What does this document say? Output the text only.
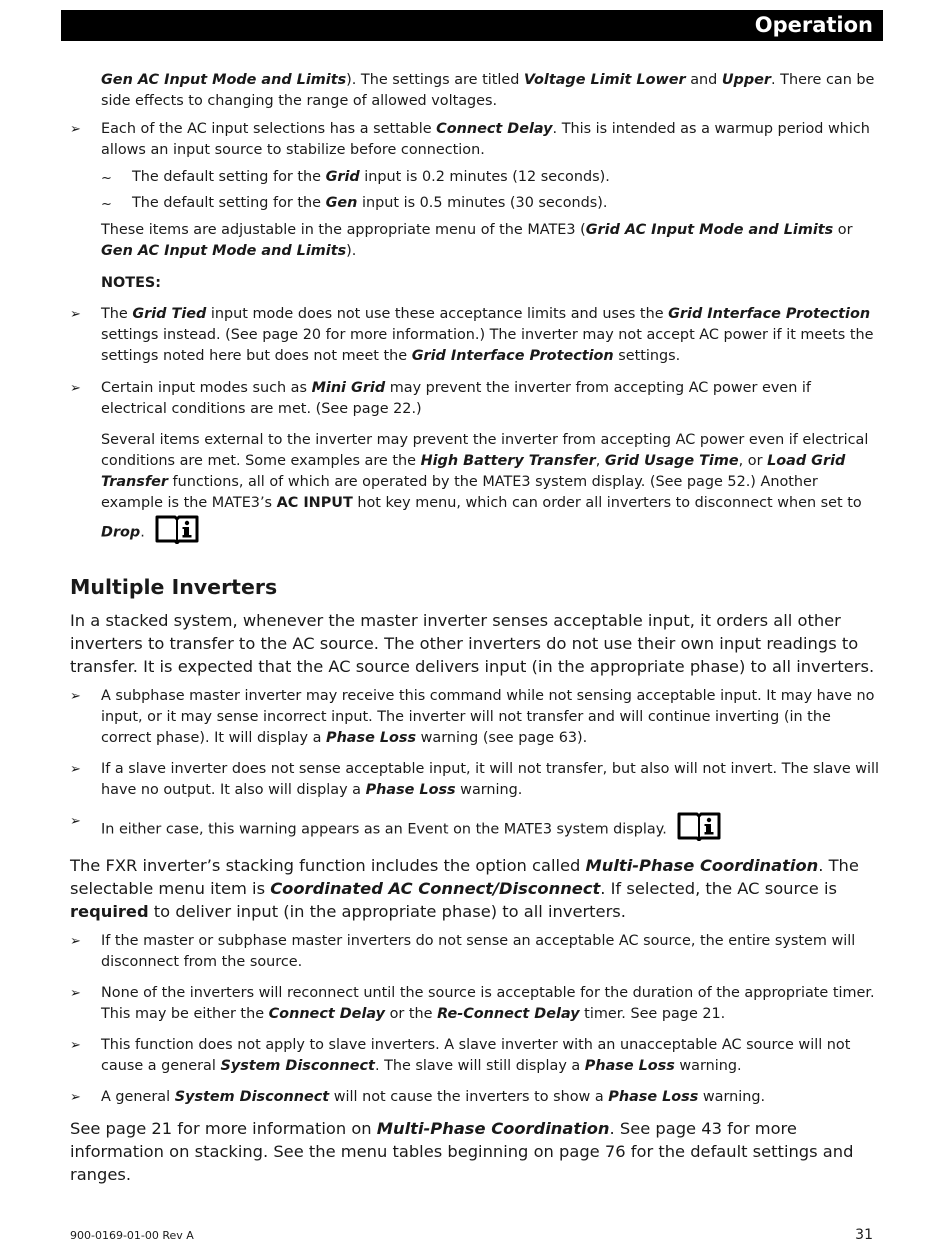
Operation

Gen AC Input Mode and Limits). The settings are titled Voltage Limit Lower and Upper. There can be side effects to changing the range of allowed voltages.

➢	Each of the AC input selections has a settable Connect Delay. This is intended as a warmup period which allows an input source to stabilize before connection.

~	The default setting for the Grid input is 0.2 minutes (12 seconds).

~	The default setting for the Gen input is 0.5 minutes (30 seconds).

These items are adjustable in the appropriate menu of the MATE3 (Grid AC Input Mode and Limits or Gen AC Input Mode and Limits).

NOTES:

➢	The Grid Tied input mode does not use these acceptance limits and uses the Grid Interface Protection settings instead. (See page 20 for more information.) The inverter may not accept AC power if it meets the settings noted here but does not meet the Grid Interface Protection settings.

➢	Certain input modes such as Mini Grid may prevent the inverter from accepting AC power even if electrical conditions are met. (See page 22.)

Several items external to the inverter may prevent the inverter from accepting AC power even if electrical conditions are met. Some examples are the High Battery Transfer, Grid Usage Time, or Load Grid Transfer functions, all of which are operated by the MATE3 system display. (See page 52.) Another example is the MATE3’s AC INPUT hot key menu, which can order all inverters to disconnect when set to Drop.

Multiple Inverters

In a stacked system, whenever the master inverter senses acceptable input, it orders all other inverters to transfer to the AC source. The other inverters do not use their own input readings to transfer. It is expected that the AC source delivers input (in the appropriate phase) to all inverters.

➢	A subphase master inverter may receive this command while not sensing acceptable input. It may have no input, or it may sense incorrect input. The inverter will not transfer and will continue inverting (in the correct phase). It will display a Phase Loss warning (see page 63).

➢	If a slave inverter does not sense acceptable input, it will not transfer, but also will not invert. The slave will have no output. It also will display a Phase Loss warning.

➢	In either case, this warning appears as an Event on the MATE3 system display.

The FXR inverter’s stacking function includes the option called Multi-Phase Coordination. The selectable menu item is Coordinated AC Connect/Disconnect. If selected, the AC source is required to deliver input (in the appropriate phase) to all inverters.

➢	If the master or subphase master inverters do not sense an acceptable AC source, the entire system will disconnect from the source.

➢	None of the inverters will reconnect until the source is acceptable for the duration of the appropriate timer. This may be either the Connect Delay or the Re-Connect Delay timer. See page 21.

➢	This function does not apply to slave inverters. A slave inverter with an unacceptable AC source will not cause a general System Disconnect. The slave will still display a Phase Loss warning.

➢	A general System Disconnect will not cause the inverters to show a Phase Loss warning.

See page 21 for more information on Multi-Phase Coordination. See page 43 for more information on stacking. See the menu tables beginning on page 76 for the default settings and ranges.

900-0169-01-00 Rev A	31
